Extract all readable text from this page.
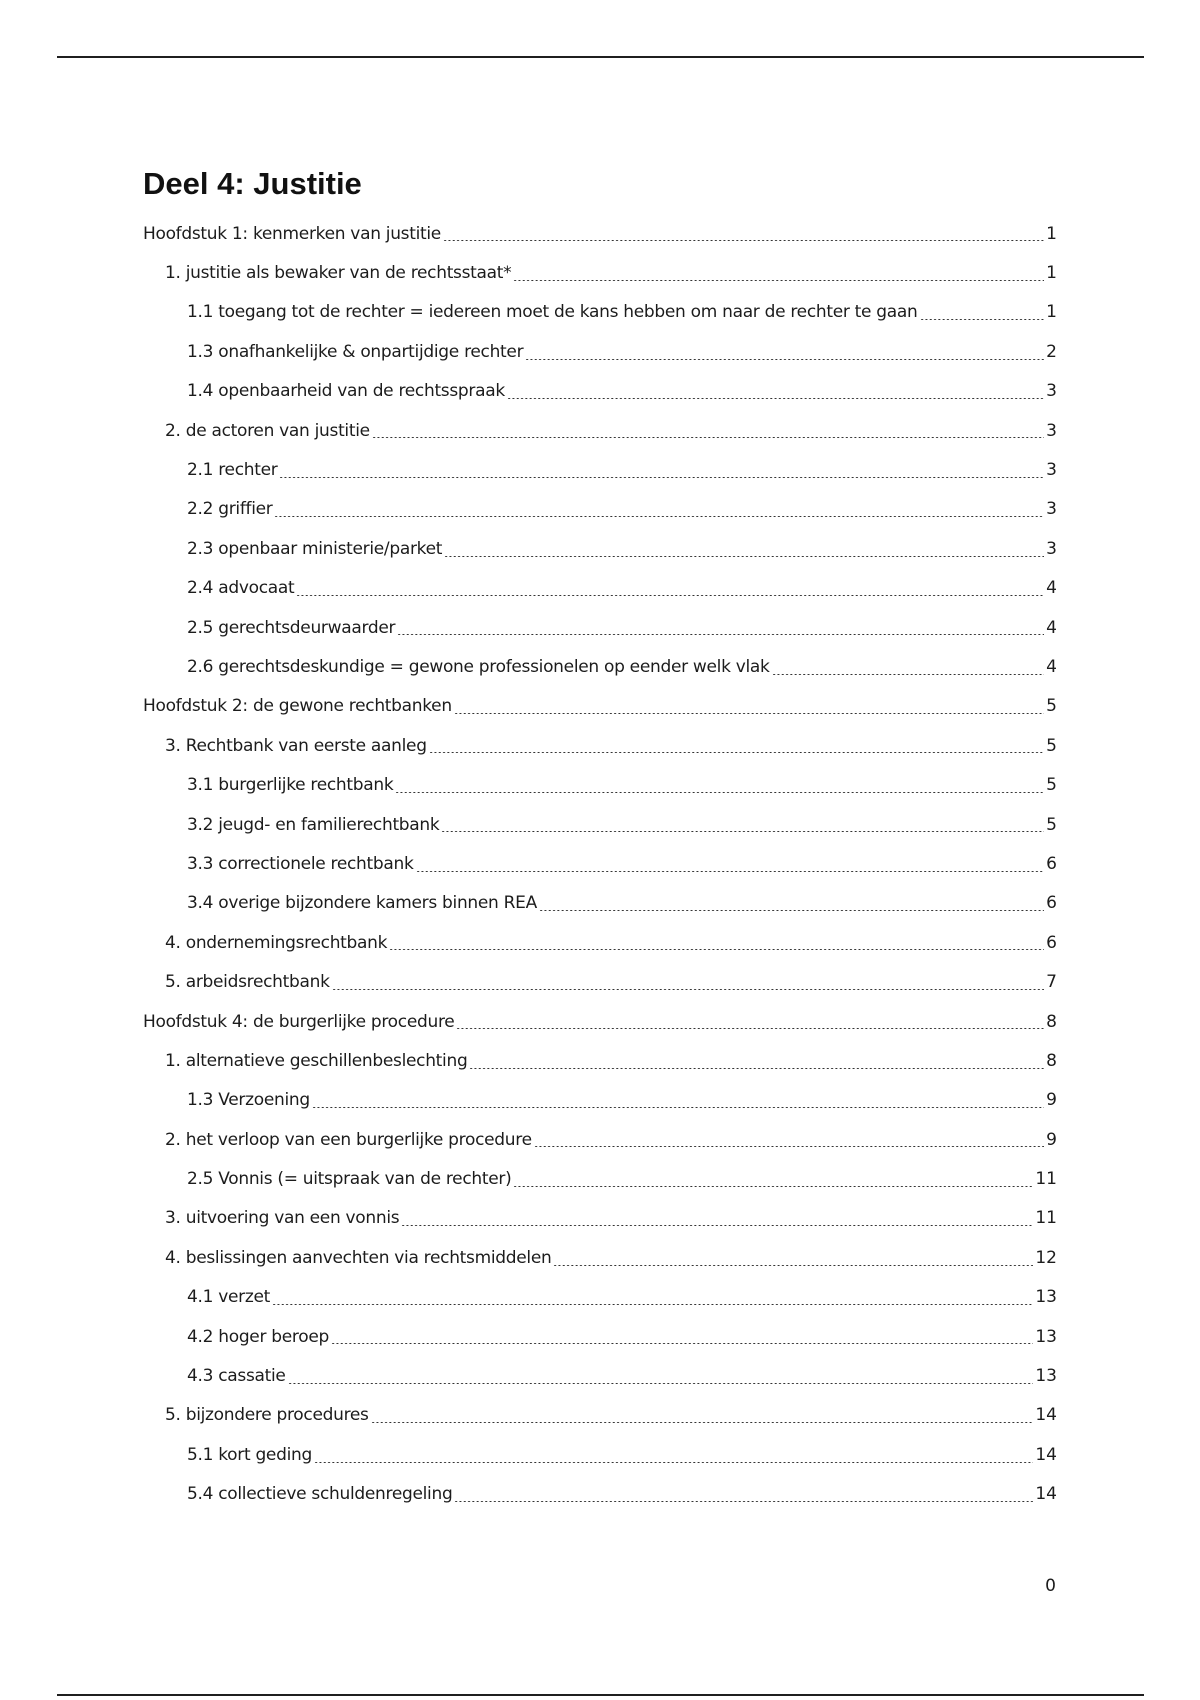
Deel 4: Justitie
Hoofdstuk 1: kenmerken van justitie	1
1. justitie als bewaker van de rechtsstaat*	1
1.1 toegang tot de rechter = iedereen moet de kans hebben om naar de rechter te gaan	1
1.3 onafhankelijke & onpartijdige rechter	2
1.4 openbaarheid van de rechtsspraak	3
2. de actoren van justitie	3
2.1 rechter	3
2.2 griffier	3
2.3 openbaar ministerie/parket	3
2.4 advocaat	4
2.5 gerechtsdeurwaarder	4
2.6 gerechtsdeskundige = gewone professionelen op eender welk vlak	4
Hoofdstuk 2: de gewone rechtbanken	5
3. Rechtbank van eerste aanleg	5
3.1 burgerlijke rechtbank	5
3.2 jeugd- en familierechtbank	5
3.3 correctionele rechtbank	6
3.4 overige bijzondere kamers binnen REA	6
4. ondernemingsrechtbank	6
5. arbeidsrechtbank	7
Hoofdstuk 4: de burgerlijke procedure	8
1. alternatieve geschillenbeslechting	8
1.3 Verzoening	9
2. het verloop van een burgerlijke procedure	9
2.5 Vonnis (= uitspraak van de rechter)	11
3. uitvoering van een vonnis	11
4. beslissingen aanvechten via rechtsmiddelen	12
4.1 verzet	13
4.2 hoger beroep	13
4.3 cassatie	13
5. bijzondere procedures	14
5.1 kort geding	14
5.4 collectieve schuldenregeling	14
0
